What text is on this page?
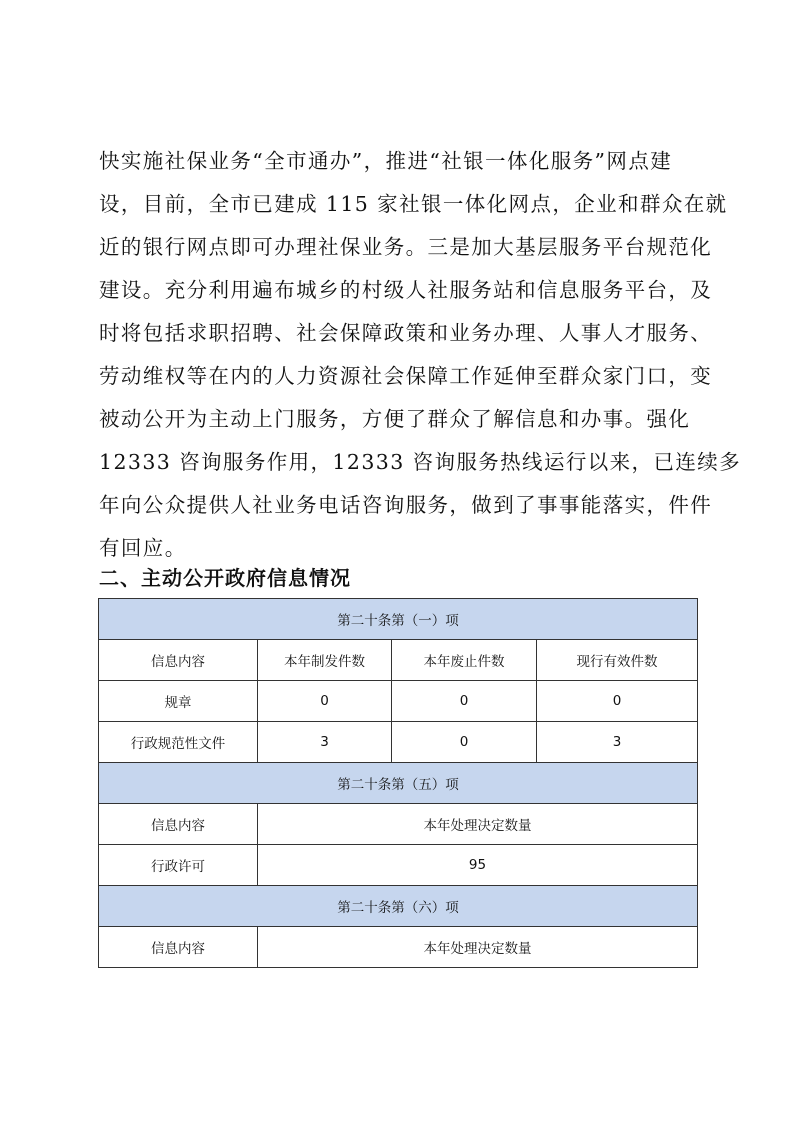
快实施社保业务“全市通办”，推进“社银一体化服务”网点建
设，目前，全市已建成 115 家社银一体化网点，企业和群众在就
近的银行网点即可办理社保业务。三是加大基层服务平台规范化
建设。充分利用遍布城乡的村级人社服务站和信息服务平台，及
时将包括求职招聘、社会保障政策和业务办理、人事人才服务、
劳动维权等在内的人力资源社会保障工作延伸至群众家门口，变
被动公开为主动上门服务，方便了群众了解信息和办事。强化
12333 咨询服务作用，12333 咨询服务热线运行以来，已连续多
年向公众提供人社业务电话咨询服务，做到了事事能落实，件件
有回应。
二、主动公开政府信息情况
第二十条第（一）项			
信息内容	本年制发件数	本年废止件数	现行有效件数
规章	0	0	0
行政规范性文件	3	0	3
第二十条第（五）项			
信息内容	本年处理决定数量		
行政许可	95		
第二十条第（六）项			
信息内容	本年处理决定数量		
